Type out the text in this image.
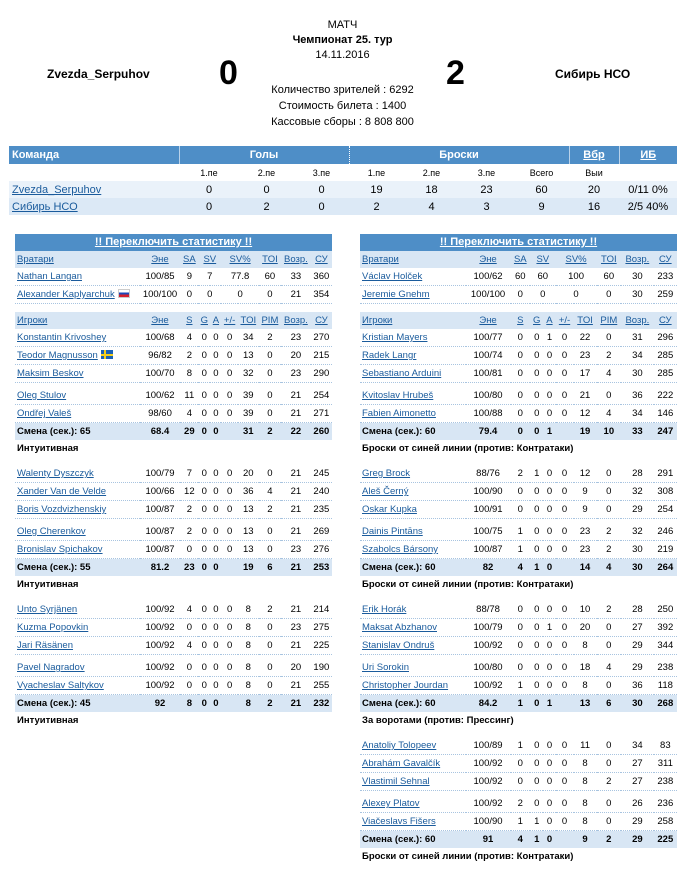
МАТЧ
Чемпионат 25. тур
14.11.2016
Zvezda_Serpuhov 0	2	Сибирь НСО
Количество зрителей : 6292
Стоимость билета : 1400
Кассовые сборы : 8 808 800
Команда	Голы			Броски				Вбр	ИБ
	1.пе	2.пе	3.пе	1.пе	2.пе	3.пе	Всего	Выи	
Zvezda_Serpuhov	0	0	0	19	18	23	60	20	0/11 0%
Сибирь НСО	0	2	0	2	4	3	9	16	2/5 40%
!! Переключить статистику !!
Вратари	Эне	SA	SV		SV%		TOI	Возр.	СУ
Nathan Langan	100/85	9	7		77.8		60	33	360
Alexander Kaplyarchuk	100/100	0	0		0		0	21	354

Игроки	Эне	S	G	A	+/-	TOI	PIM	Возр.	СУ
Konstantin Krivoshey	100/68	4	0	0	0	34	2	23	270
Teodor Magnusson	96/82	2	0	0	0	13	0	20	215
Maksim Beskov	100/70	8	0	0	0	32	0	23	290

Oleg Stulov	100/62	11	0	0	0	39	0	21	254
Ondřej Valeš	98/60	4	0	0	0	39	0	21	271
Смена (сек.): 65	68.4	29	0	0		31	2	22	260
Интуитивная									

Walenty Dyszczyk	100/79	7	0	0	0	20	0	21	245
Xander Van de Velde	100/66	12	0	0	0	36	4	21	240
Boris Vozdvizhenskiy	100/87	2	0	0	0	13	2	21	235

Oleg Cherenkov	100/87	2	0	0	0	13	0	21	269
Bronislav Spichakov	100/87	0	0	0	0	13	0	23	276
Смена (сек.): 55	81.2	23	0	0		19	6	21	253
Интуитивная									

Unto Syrjänen	100/92	4	0	0	0	8	2	21	214
Kuzma Popovkin	100/92	0	0	0	0	8	0	23	275
Jari Räsänen	100/92	4	0	0	0	8	0	21	225

Pavel Nagradov	100/92	0	0	0	0	8	0	20	190
Vyacheslav Saltykov	100/92	0	0	0	0	8	0	21	255
Смена (сек.): 45	92	8	0	0		8	2	21	232
Интуитивная									

!! Переключить статистику !!
Вратари	Эне	SA	SV		SV%		TOI	Возр.	СУ
Václav Holček	100/62	60	60		100		60	30	233
Jeremie Gnehm	100/100	0	0		0		0	30	259

Игроки	Эне	S	G	A	+/-	TOI	PIM	Возр.	СУ
Kristian Mayers	100/77	0	0	1	0	22	0	31	296
Radek Langr	100/74	0	0	0	0	23	2	34	285
Sebastiano Arduini	100/81	0	0	0	0	17	4	30	285

Kvitoslav Hrubeš	100/80	0	0	0	0	21	0	36	222
Fabien Aimonetto	100/88	0	0	0	0	12	4	34	146
Смена (сек.): 60	79.4	0	0	1		19	10	33	247
Броски от синей линии (против: Контратаки)									

Greg Brock	88/76	2	1	0	0	12	0	28	291
Aleš Černý	100/90	0	0	0	0	9	0	32	308
Oskar Kupka	100/91	0	0	0	0	9	0	29	254

Dainis Pintāns	100/75	1	0	0	0	23	2	32	246
Szabolcs Bársony	100/87	1	0	0	0	23	2	30	219
Смена (сек.): 60	82	4	1	0		14	4	30	264
Броски от синей линии (против: Контратаки)									

Erik Horák	88/78	0	0	0	0	10	2	28	250
Maksat Abzhanov	100/79	0	0	1	0	20	0	27	392
Stanislav Ondruš	100/92	0	0	0	0	8	0	29	344

Uri Sorokin	100/80	0	0	0	0	18	4	29	238
Christopher Jourdan	100/92	1	0	0	0	8	0	36	118
Смена (сек.): 60	84.2	1	0	1		13	6	30	268
За воротами (против: Прессинг)									

Anatoliy Tolopeev	100/89	1	0	0	0	11	0	34	83
Abrahám Gavalčík	100/92	0	0	0	0	8	0	27	311
Vlastimil Sehnal	100/92	0	0	0	0	8	2	27	238

Alexey Platov	100/92	2	0	0	0	8	0	26	236
Viačeslavs Fišers	100/90	1	1	0	0	8	0	29	258
Смена (сек.): 60	91	4	1	0		9	2	29	225
Броски от синей линии (против: Контратаки)									
